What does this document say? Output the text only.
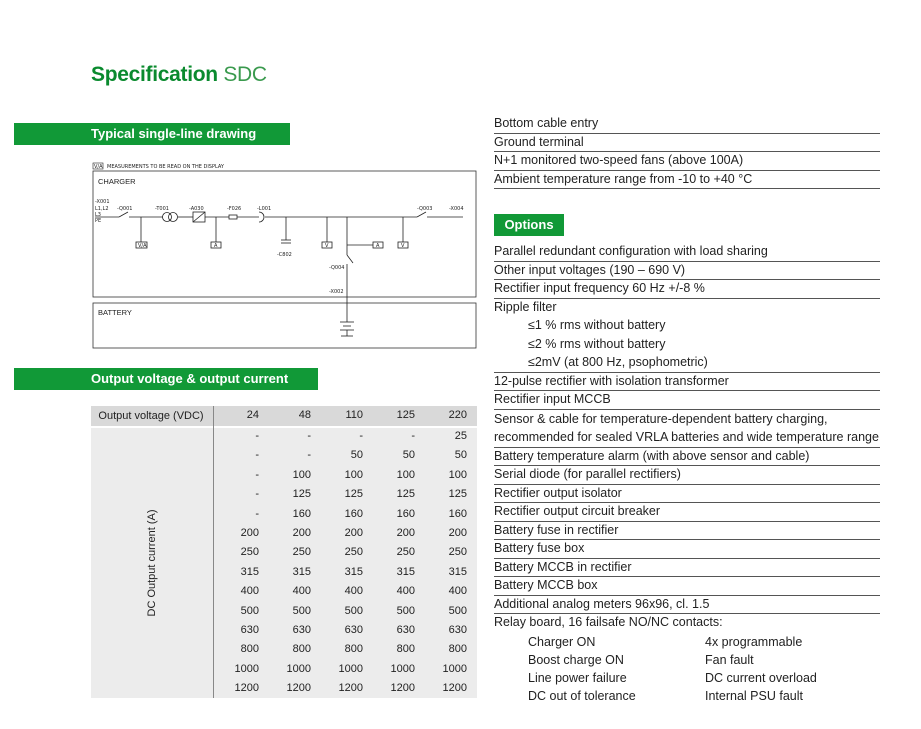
Specification SDC
Typical single-line drawing
Output voltage & output current
Options
V/A MEASUREMENTS TO BE READ ON THE DISPLAY
CHARGER
BATTERY
-X001
L1,L2
L3
PE
-Q001	-T001	-A030	-F026	-L001
-C802
-Q004
-Q003	-X004
-X002
V/A	A	V	A	V
Output voltage (VDC)	24	48	110	125	220
DC Output current (A)
-	-	-	-	25
-	-	50	50	50
-	100	100	100	100
-	125	125	125	125
-	160	160	160	160
200	200	200	200	200
250	250	250	250	250
315	315	315	315	315
400	400	400	400	400
500	500	500	500	500
630	630	630	630	630
800	800	800	800	800
1000	1000	1000	1000	1000
1200	1200	1200	1200	1200
Bottom cable entry
Ground terminal
N+1 monitored two-speed fans (above 100A)
Ambient temperature range from -10 to +40 °C
Parallel redundant configuration with load sharing
Other input voltages (190 – 690 V)
Rectifier input frequency 60 Hz +/-8 %
Ripple filter
≤1 % rms without battery
≤2 % rms without battery
≤2mV (at 800 Hz, psophometric)
12-pulse rectifier with isolation transformer
Rectifier input MCCB
Sensor & cable for temperature-dependent battery charging, recommended for sealed VRLA batteries and wide temperature range
Battery temperature alarm (with above sensor and cable)
Serial diode (for parallel rectifiers)
Rectifier output isolator
Rectifier output circuit breaker
Battery fuse in rectifier
Battery fuse box
Battery MCCB in rectifier
Battery MCCB box
Additional analog meters 96x96, cl. 1.5
Relay board, 16 failsafe NO/NC contacts:
Charger ON	4x programmable
Boost charge ON	Fan fault
Line power failure	DC current overload
DC out of tolerance	Internal PSU fault
